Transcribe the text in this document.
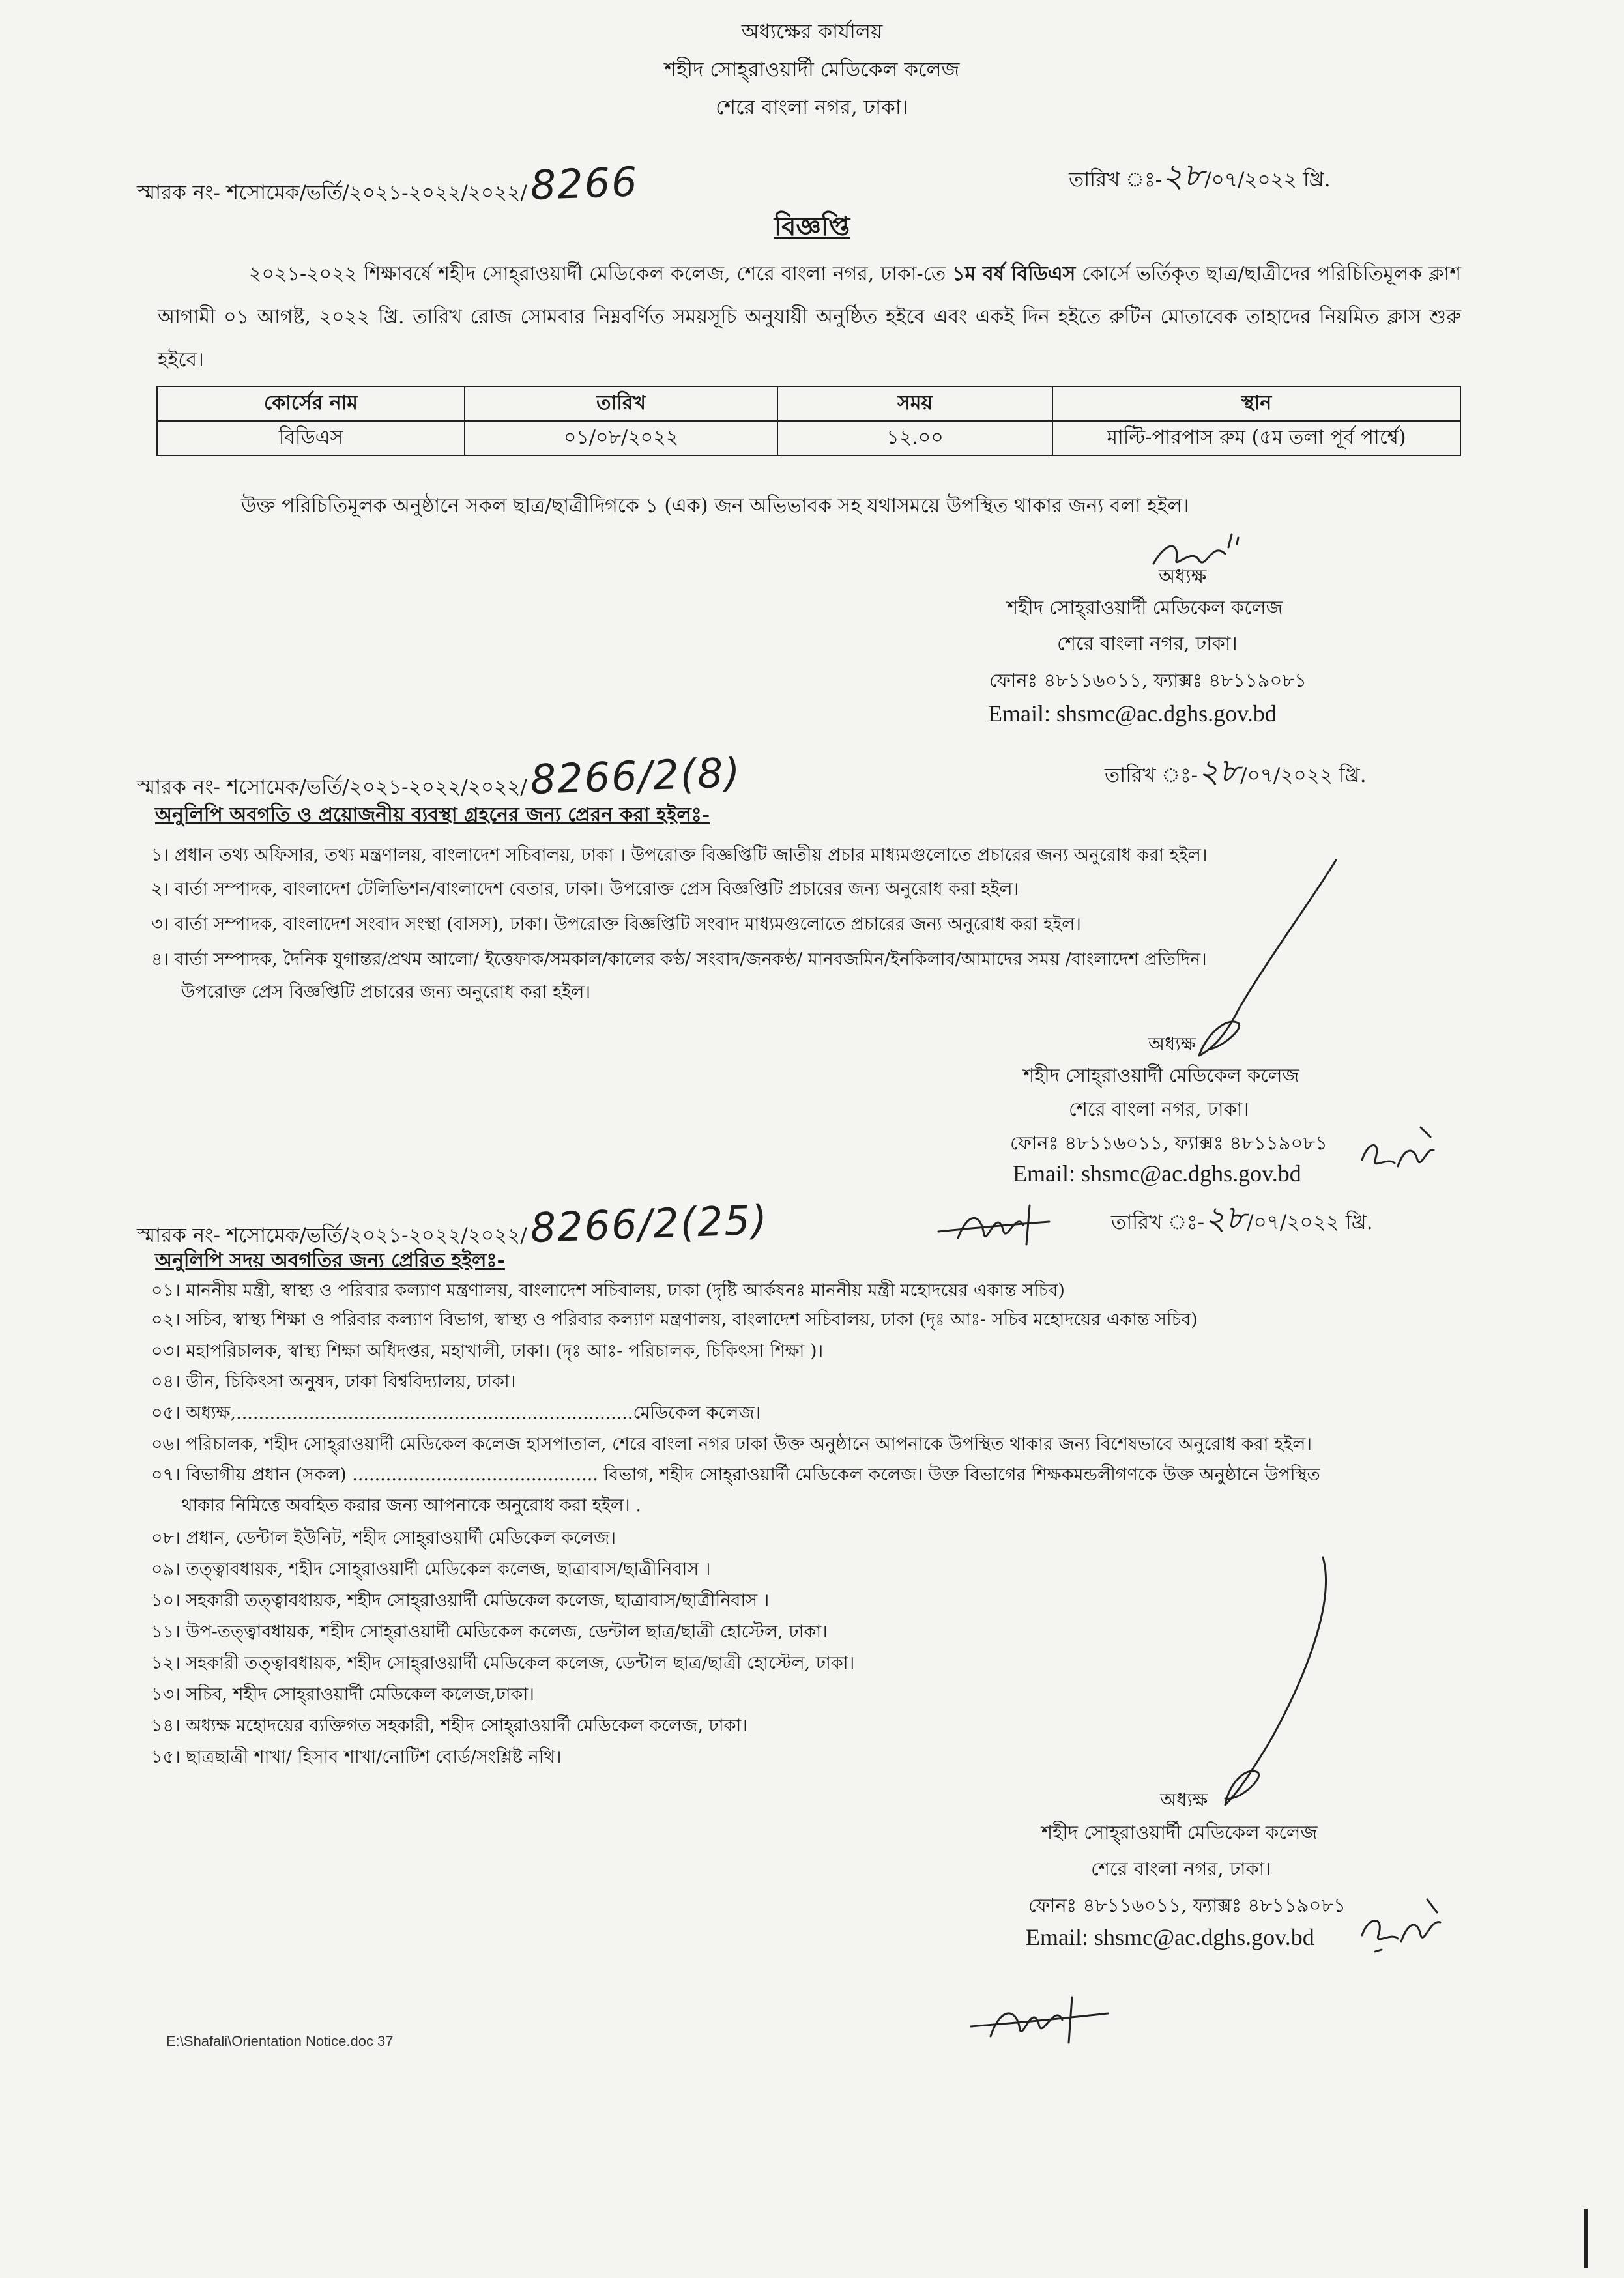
অধ্যক্ষের কার্যালয়
শহীদ সোহ্‌রাওয়ার্দী মেডিকেল কলেজ
শেরে বাংলা নগর, ঢাকা।
স্মারক নং- শসোমেক/ভর্তি/২০২১-২০২২/২০২২/8266	তারিখ ঃ-২৮/০৭/২০২২ খ্রি.
বিজ্ঞপ্তি
২০২১-২০২২ শিক্ষাবর্ষে শহীদ সোহ্‌রাওয়ার্দী মেডিকেল কলেজ, শেরে বাংলা নগর, ঢাকা-তে ১ম বর্ষ বিডিএস কোর্সে ভর্তিকৃত ছাত্র/ছাত্রীদের পরিচিতিমূলক ক্লাশ আগামী ০১ আগষ্ট, ২০২২ খ্রি. তারিখ রোজ সোমবার নিম্নবর্ণিত সময়সূচি অনুযায়ী অনুষ্ঠিত হইবে এবং একই দিন হইতে রুটিন মোতাবেক তাহাদের নিয়মিত ক্লাস শুরু হইবে।
কোর্সের নাম	তারিখ	সময়	স্থান
বিডিএস	০১/০৮/২০২২	১২.০০	মাল্টি-পারপাস রুম (৫ম তলা পূর্ব পার্শ্বে)
উক্ত পরিচিতিমূলক অনুষ্ঠানে সকল ছাত্র/ছাত্রীদিগকে ১ (এক) জন অভিভাবক সহ যথাসময়ে উপস্থিত থাকার জন্য বলা হইল।
অধ্যক্ষ
শহীদ সোহ্‌রাওয়ার্দী মেডিকেল কলেজ
শেরে বাংলা নগর, ঢাকা।
ফোনঃ ৪৮১১৬০১১, ফ্যাক্সঃ ৪৮১১৯০৮১
Email: shsmc@ac.dghs.gov.bd
স্মারক নং- শসোমেক/ভর্তি/২০২১-২০২২/২০২২/8266/2(8)	তারিখ ঃ-২৮/০৭/২০২২ খ্রি.
অনুলিপি অবগতি ও প্রয়োজনীয় ব্যবস্থা গ্রহনের জন্য প্রেরন করা হইলঃ-
১। প্রধান তথ্য অফিসার, তথ্য মন্ত্রণালয়, বাংলাদেশ সচিবালয়, ঢাকা । উপরোক্ত বিজ্ঞপ্তিটি জাতীয় প্রচার মাধ্যমগুলোতে প্রচারের জন্য অনুরোধ করা হইল।
২। বার্তা সম্পাদক, বাংলাদেশ টেলিভিশন/বাংলাদেশ বেতার, ঢাকা। উপরোক্ত প্রেস বিজ্ঞপ্তিটি প্রচারের জন্য অনুরোধ করা হইল।
৩। বার্তা সম্পাদক, বাংলাদেশ সংবাদ সংস্থা (বাসস), ঢাকা। উপরোক্ত বিজ্ঞপ্তিটি সংবাদ মাধ্যমগুলোতে প্রচারের জন্য অনুরোধ করা হইল।
৪। বার্তা সম্পাদক, দৈনিক যুগান্তর/প্রথম আলো/ ইত্তেফাক/সমকাল/কালের কণ্ঠ/ সংবাদ/জনকণ্ঠ/ মানবজমিন/ইনকিলাব/আমাদের সময় /বাংলাদেশ প্রতিদিন।
উপরোক্ত প্রেস বিজ্ঞপ্তিটি প্রচারের জন্য অনুরোধ করা হইল।
অধ্যক্ষ
শহীদ সোহ্‌রাওয়ার্দী মেডিকেল কলেজ
শেরে বাংলা নগর, ঢাকা।
ফোনঃ ৪৮১১৬০১১, ফ্যাক্সঃ ৪৮১১৯০৮১
Email: shsmc@ac.dghs.gov.bd
স্মারক নং- শসোমেক/ভর্তি/২০২১-২০২২/২০২২/8266/2(25)	তারিখ ঃ-২৮/০৭/২০২২ খ্রি.
অনুলিপি সদয় অবগতির জন্য প্রেরিত হইলঃ-
০১। মাননীয় মন্ত্রী, স্বাস্থ্য ও পরিবার কল্যাণ মন্ত্রণালয়, বাংলাদেশ সচিবালয়, ঢাকা (দৃষ্টি আর্কষনঃ মাননীয় মন্ত্রী মহোদয়ের একান্ত সচিব)
০২। সচিব, স্বাস্থ্য শিক্ষা ও পরিবার কল্যাণ বিভাগ, স্বাস্থ্য ও পরিবার কল্যাণ মন্ত্রণালয়, বাংলাদেশ সচিবালয়, ঢাকা (দৃঃ আঃ- সচিব মহোদয়ের একান্ত সচিব)
০৩। মহাপরিচালক, স্বাস্থ্য শিক্ষা অধিদপ্তর, মহাখালী, ঢাকা। (দৃঃ আঃ- পরিচালক, চিকিৎসা শিক্ষা )।
০৪। ডীন, চিকিৎসা অনুষদ, ঢাকা বিশ্ববিদ্যালয়, ঢাকা।
০৫। অধ্যক্ষ,.......................................................................মেডিকেল কলেজ।
০৬। পরিচালক, শহীদ সোহ্‌রাওয়ার্দী মেডিকেল কলেজ হাসপাতাল, শেরে বাংলা নগর ঢাকা উক্ত অনুষ্ঠানে আপনাকে উপস্থিত থাকার জন্য বিশেষভাবে অনুরোধ করা হইল।
০৭। বিভাগীয় প্রধান (সকল) ............................................ বিভাগ, শহীদ সোহ্‌রাওয়ার্দী মেডিকেল কলেজ। উক্ত বিভাগের শিক্ষকমন্ডলীগণকে উক্ত অনুষ্ঠানে উপস্থিত
থাকার নিমিত্তে অবহিত করার জন্য আপনাকে অনুরোধ করা হইল। .
০৮। প্রধান, ডেন্টাল ইউনিট, শহীদ সোহ্‌রাওয়ার্দী মেডিকেল কলেজ।
০৯। তত্ত্বাবধায়ক, শহীদ সোহ্‌রাওয়ার্দী মেডিকেল কলেজ, ছাত্রাবাস/ছাত্রীনিবাস ।
১০। সহকারী তত্ত্বাবধায়ক, শহীদ সোহ্‌রাওয়ার্দী মেডিকেল কলেজ, ছাত্রাবাস/ছাত্রীনিবাস ।
১১। উপ-তত্ত্বাবধায়ক, শহীদ সোহ্‌রাওয়ার্দী মেডিকেল কলেজ, ডেন্টাল ছাত্র/ছাত্রী হোস্টেল, ঢাকা।
১২। সহকারী তত্ত্বাবধায়ক, শহীদ সোহ্‌রাওয়ার্দী মেডিকেল কলেজ, ডেন্টাল ছাত্র/ছাত্রী হোস্টেল, ঢাকা।
১৩। সচিব, শহীদ সোহ্‌রাওয়ার্দী মেডিকেল কলেজ,ঢাকা।
১৪। অধ্যক্ষ মহোদয়ের ব্যক্তিগত সহকারী, শহীদ সোহ্‌রাওয়ার্দী মেডিকেল কলেজ, ঢাকা।
১৫। ছাত্রছাত্রী শাখা/ হিসাব শাখা/নোটিশ বোর্ড/সংশ্লিষ্ট নথি।
অধ্যক্ষ
শহীদ সোহ্‌রাওয়ার্দী মেডিকেল কলেজ
শেরে বাংলা নগর, ঢাকা।
ফোনঃ ৪৮১১৬০১১, ফ্যাক্সঃ ৪৮১১৯০৮১
Email: shsmc@ac.dghs.gov.bd
E:\Shafali\Orientation Notice.doc 37
